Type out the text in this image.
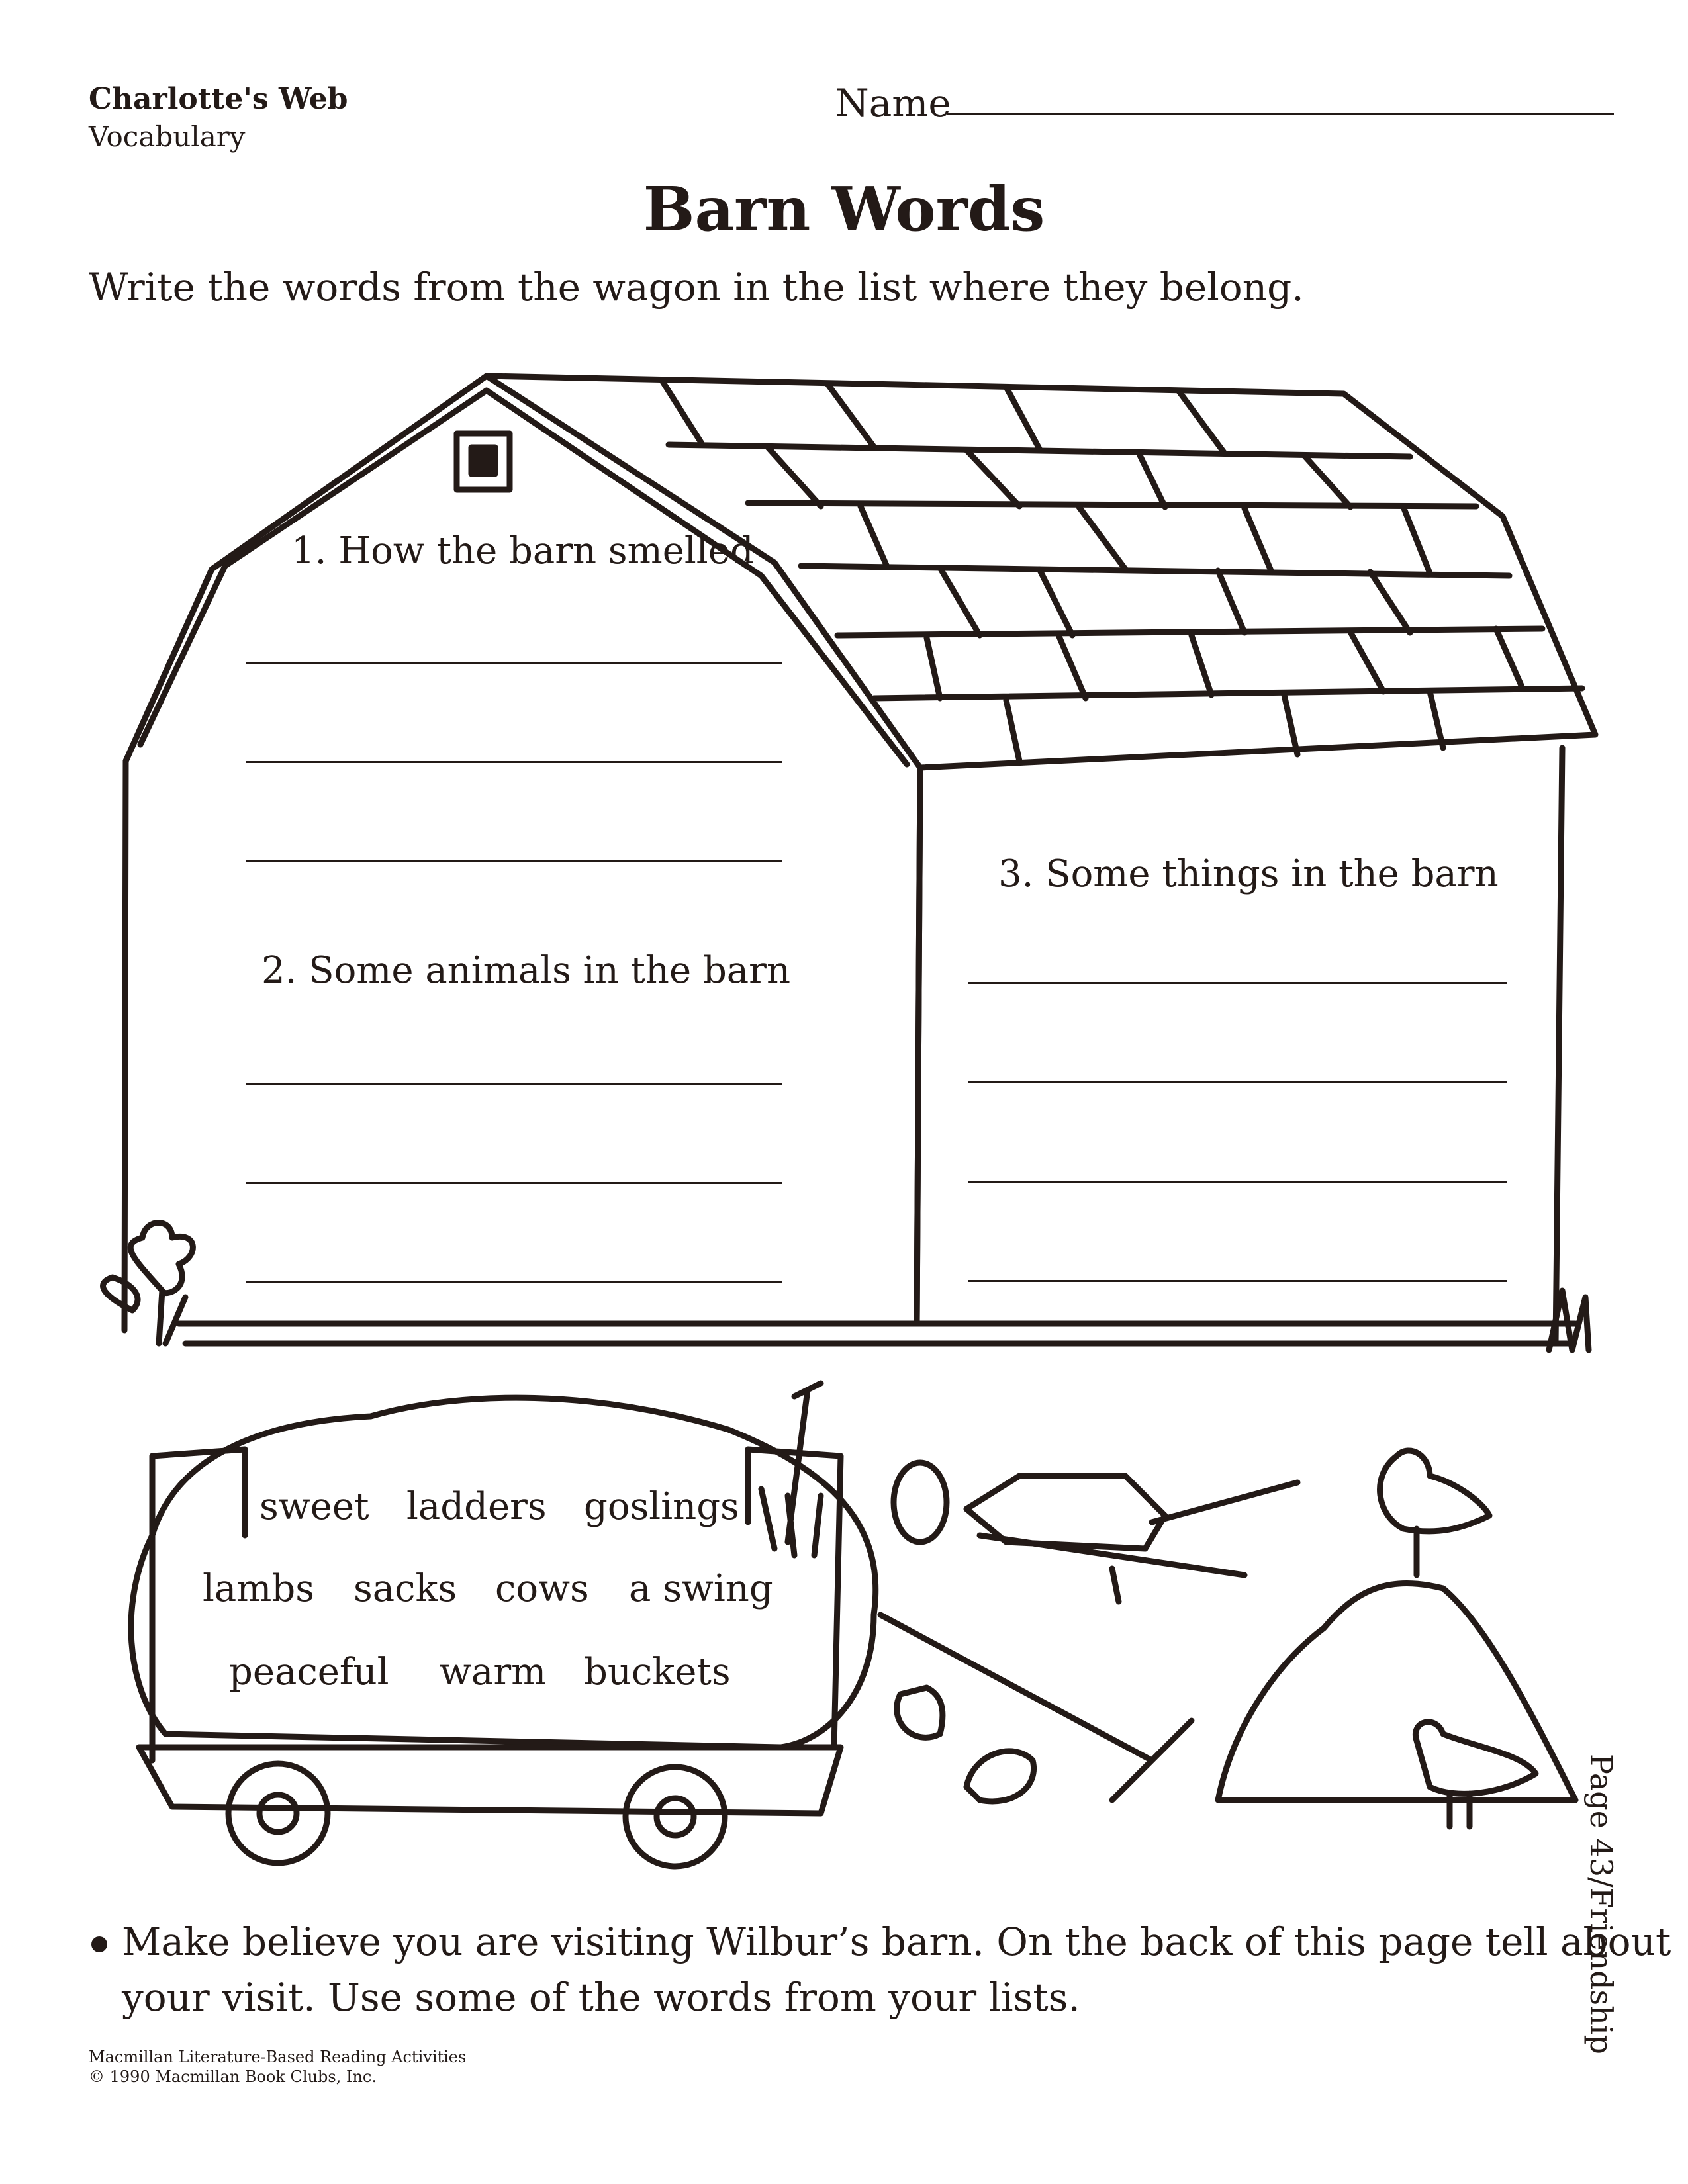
Charlotte's Web
Vocabulary
Name
Barn Words
Write the words from the wagon in the list where they belong.
1. How the barn smelled
2. Some animals in the barn
3. Some things in the barn
sweet ladders goslings
lambs sacks cows a swing
peaceful warm buckets
Make believe you are visiting Wilbur’s barn. On the back of this page tell about
your visit. Use some of the words from your lists.
Macmillan Literature-Based Reading Activities
© 1990 Macmillan Book Clubs, Inc.
Page 43/Friendship
